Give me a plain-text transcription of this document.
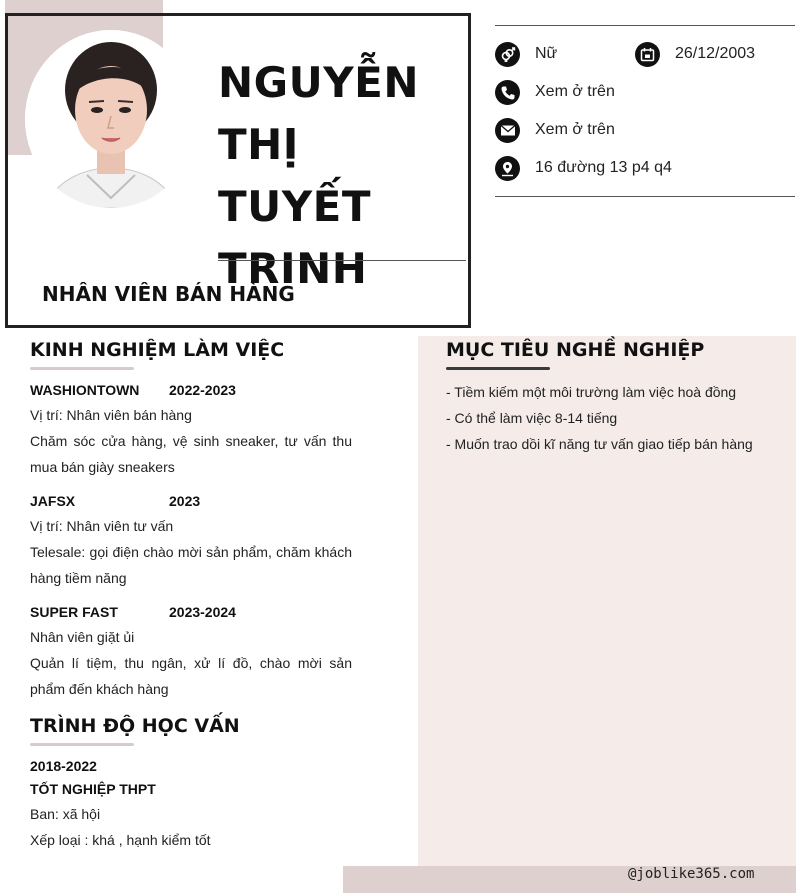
NGUYỄN THỊ TUYẾT TRINH
NHÂN VIÊN BÁN HÀNG
Nữ	26/12/2003
Xem ở trên
Xem ở trên
16 đường 13 p4 q4
KINH NGHIỆM LÀM VIỆC
WASHIONTOWN 2022-2023
Vị trí: Nhân viên bán hàng
Chăm sóc cửa hàng, vệ sinh sneaker, tư vấn thu mua bán giày sneakers
JAFSX	2023
Vị trí: Nhân viên tư vấn
Telesale: gọi điện chào mời sản phẩm, chăm khách hàng tiềm năng
SUPER FAST	2023-2024
Nhân viên giặt ủi
Quản lí tiệm, thu ngân, xử lí đồ, chào mời sản phẩm đến khách hàng
TRÌNH ĐỘ HỌC VẤN
2018-2022
TỐT NGHIỆP THPT
Ban: xã hội
Xếp loại : khá , hạnh kiểm tốt
MỤC TIÊU NGHỀ NGHIỆP
- Tiềm kiếm một môi trường làm việc hoà đồng
- Có thể làm việc 8-14 tiếng
- Muốn trao dồi kĩ năng tư vấn giao tiếp bán hàng
@joblike365.com
